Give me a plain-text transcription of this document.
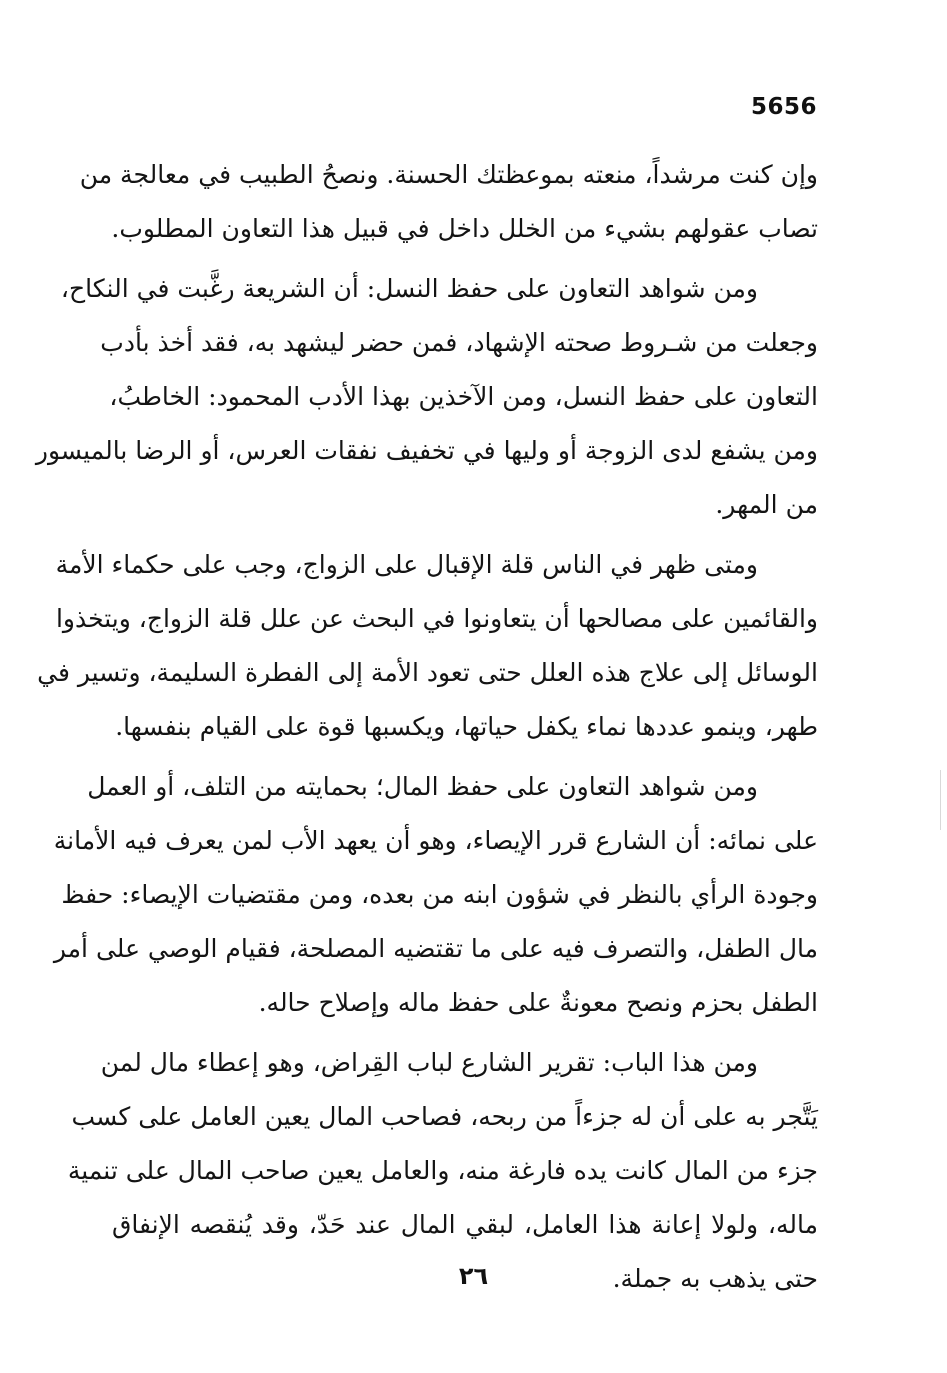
5656
وإن كنت مرشداً، منعته بموعظتك الحسنة. ونصحُ الطبيب في معالجة من
تصاب عقولهم بشيء من الخلل داخل في قبيل هذا التعاون المطلوب.
ومن شواهد التعاون على حفظ النسل: أن الشريعة رغَّبت في النكاح،
وجعلت من شـروط صحته الإشهاد، فمن حضر ليشهد به، فقد أخذ بأدب
التعاون على حفظ النسل، ومن الآخذين بهذا الأدب المحمود: الخاطبُ،
ومن يشفع لدى الزوجة أو وليها في تخفيف نفقات العرس، أو الرضا بالميسور
من المهر.
ومتى ظهر في الناس قلة الإقبال على الزواج، وجب على حكماء الأمة
والقائمين على مصالحها أن يتعاونوا في البحث عن علل قلة الزواج، ويتخذوا
الوسائل إلى علاج هذه العلل حتى تعود الأمة إلى الفطرة السليمة، وتسير في
طهر، وينمو عددها نماء يكفل حياتها، ويكسبها قوة على القيام بنفسها.
ومن شواهد التعاون على حفظ المال؛ بحمايته من التلف، أو العمل
على نمائه: أن الشارع قرر الإيصاء، وهو أن يعهد الأب لمن يعرف فيه الأمانة
وجودة الرأي بالنظر في شؤون ابنه من بعده، ومن مقتضيات الإيصاء: حفظ
مال الطفل، والتصرف فيه على ما تقتضيه المصلحة، فقيام الوصي على أمر
الطفل بحزم ونصح معونةٌ على حفظ ماله وإصلاح حاله.
ومن هذا الباب: تقرير الشارع لباب القِراض، وهو إعطاء مال لمن
يَتَّجر به على أن له جزءاً من ربحه، فصاحب المال يعين العامل على كسب
جزء من المال كانت يده فارغة منه، والعامل يعين صاحب المال على تنمية
ماله، ولولا إعانة هذا العامل، لبقي المال عند حَدّ، وقد يُنقصه الإنفاق
حتى يذهب به جملة.
٢٦
